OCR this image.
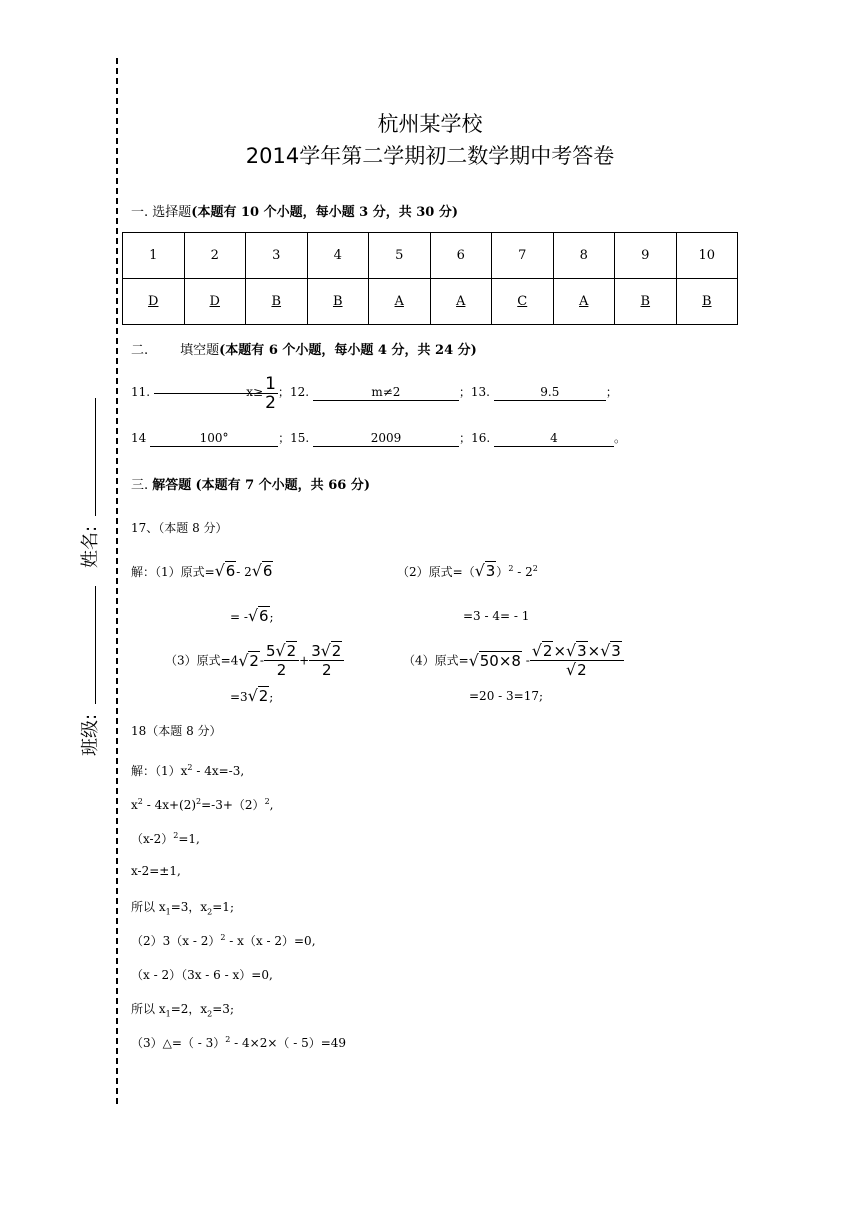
姓名:
班级:
杭州某学校
2014学年第二学期初二数学期中考答卷
一. 选择题(本题有 10 个小题，每小题 3 分，共 30 分)
1	2	3	4	5	6	7	8	9	10
D	D	B	B	A	A	C	A	B	B
二. 填空题(本题有 6 个小题，每小题 4 分，共 24 分)
11.	$x\ge \frac{1}{2}$ ；12.	m≠2	；13.	9.5	；
14	100°	；15.	2009	；16.	4	。
三. 解答题 (本题有 7 个小题，共 66 分)
17、（本题 8 分）
解：（1）原式=√6- 2√6	（2）原式$=(√3)^2 - 2^2$
= -√6;	=3 - 4= - 1
（3）原式$=4√2- \frac{5√2}{2} + \frac{3√2}{2}$	（4）原式$=√50\times 8 - \frac{√2\times√3\times√3}{√2}$
=3√2;	=20 - 3=17;
18（本题 8 分）
解：$(1)x^2 - 4x=-3$,
$x^2 - 4x+(2)^2=-3+(2)^2$,
$(x-2)^2=1$,
x-2=±1,
所以 $x_1=3$，$x_2=1$;
（2）3（x - 2）$^2$ - x（x - 2）=0,
（x - 2）（3x - 6 - x）=0,
所以 $x_1=2$，$x_2=3$;
（3）△=（ - 3）$^2$ - 4×2×（ - 5）=49
